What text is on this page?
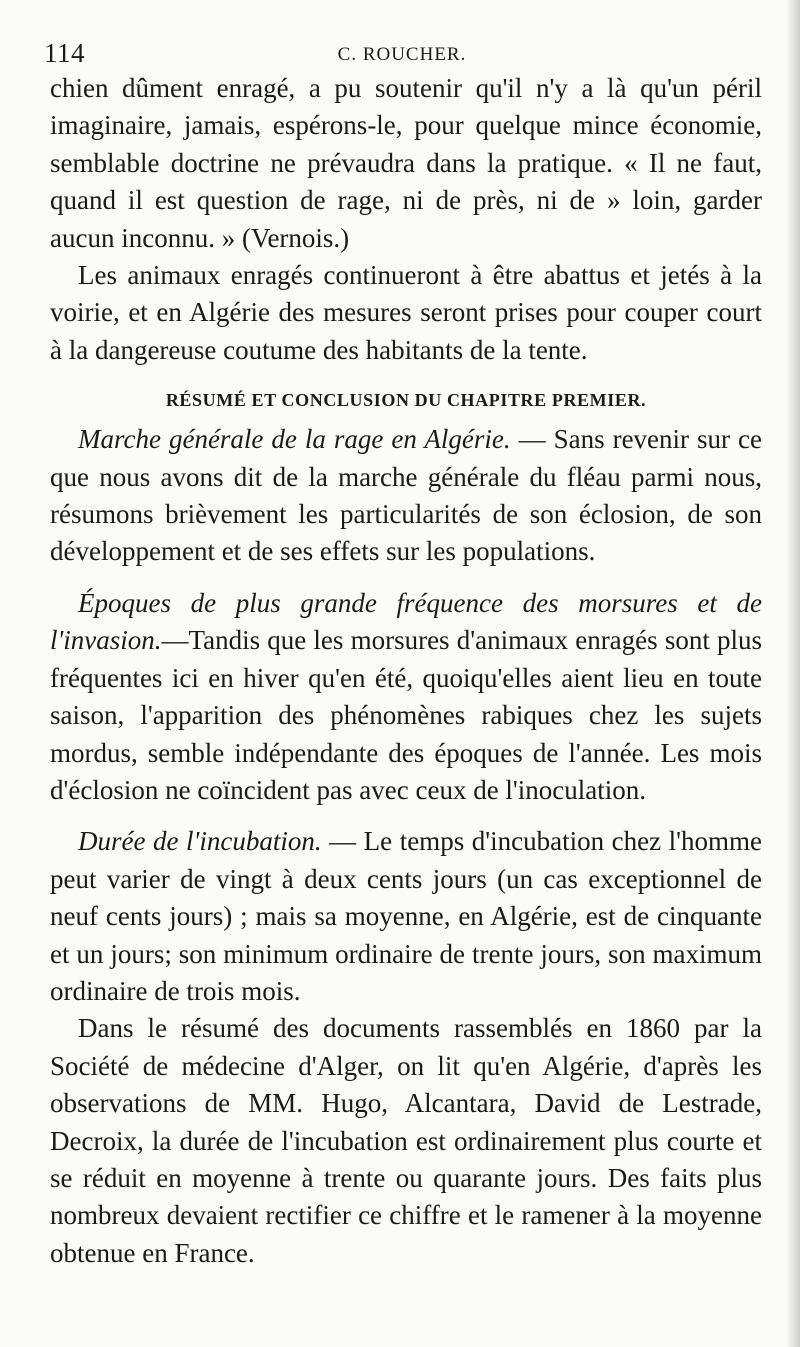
114	C. ROUCHER.

chien dûment enragé, a pu soutenir qu'il n'y a là qu'un péril imaginaire, jamais, espérons-le, pour quelque mince économie, semblable doctrine ne prévaudra dans la pratique. « Il ne faut, quand il est question de rage, ni de près, ni de » loin, garder aucun inconnu. » (Vernois.)

Les animaux enragés continueront à être abattus et jetés à la voirie, et en Algérie des mesures seront prises pour couper court à la dangereuse coutume des habitants de la tente.

RÉSUMÉ ET CONCLUSION DU CHAPITRE PREMIER.

Marche générale de la rage en Algérie. — Sans revenir sur ce que nous avons dit de la marche générale du fléau parmi nous, résumons brièvement les particularités de son éclosion, de son développement et de ses effets sur les populations.

Époques de plus grande fréquence des morsures et de l'invasion.—Tandis que les morsures d'animaux enragés sont plus fréquentes ici en hiver qu'en été, quoiqu'elles aient lieu en toute saison, l'apparition des phénomènes rabiques chez les sujets mordus, semble indépendante des époques de l'année. Les mois d'éclosion ne coïncident pas avec ceux de l'inoculation.

Durée de l'incubation. — Le temps d'incubation chez l'homme peut varier de vingt à deux cents jours (un cas exceptionnel de neuf cents jours) ; mais sa moyenne, en Algérie, est de cinquante et un jours; son minimum ordinaire de trente jours, son maximum ordinaire de trois mois.

Dans le résumé des documents rassemblés en 1860 par la Société de médecine d'Alger, on lit qu'en Algérie, d'après les observations de MM. Hugo, Alcantara, David de Lestrade, Decroix, la durée de l'incubation est ordinairement plus courte et se réduit en moyenne à trente ou quarante jours. Des faits plus nombreux devaient rectifier ce chiffre et le ramener à la moyenne obtenue en France.
